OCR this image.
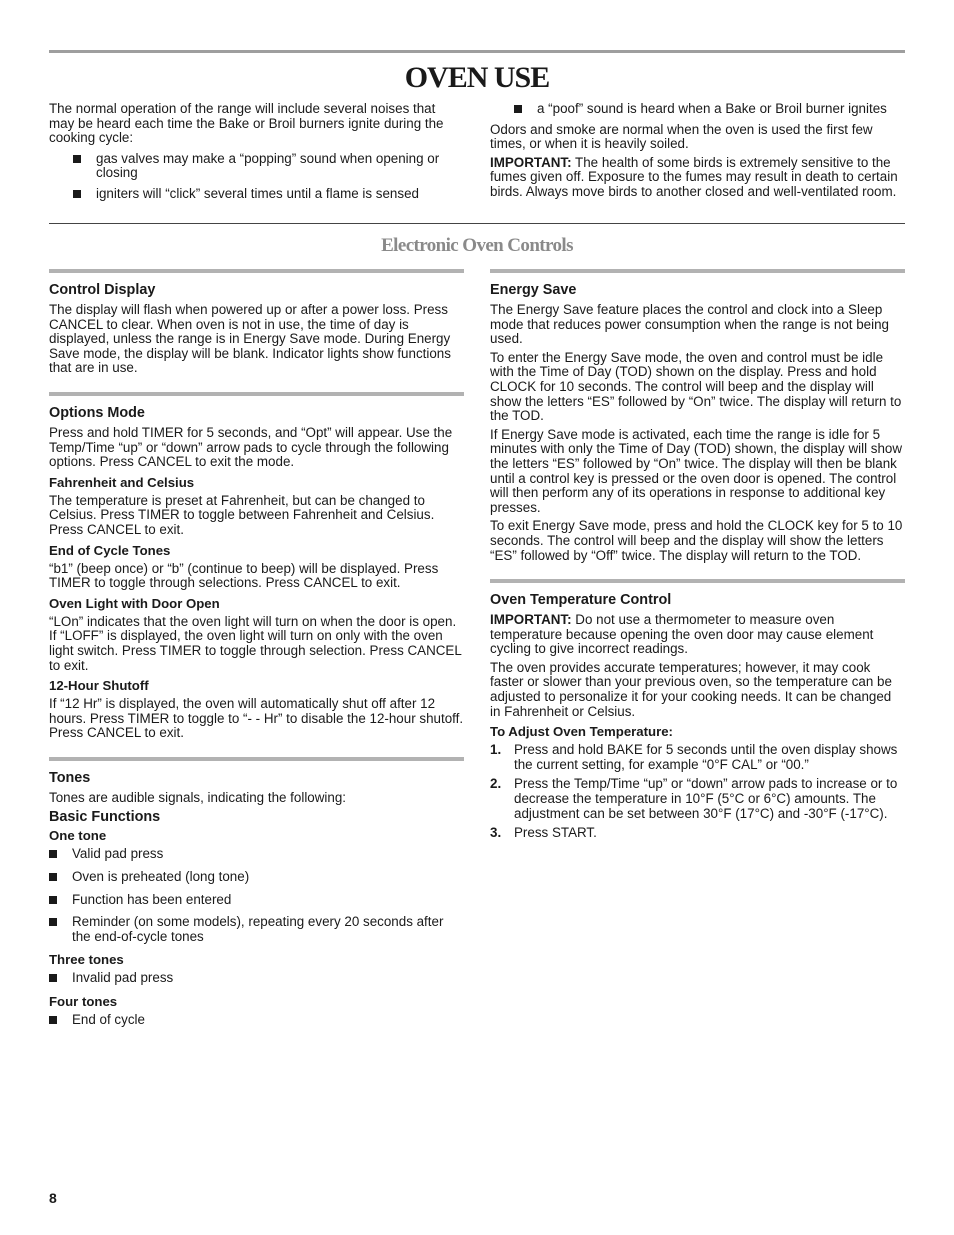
OVEN USE

The normal operation of the range will include several noises that may be heard each time the Bake or Broil burners ignite during the cooking cycle:

gas valves may make a “popping” sound when opening or closing
igniters will “click” several times until a flame is sensed
a “poof” sound is heard when a Bake or Broil burner ignites

Odors and smoke are normal when the oven is used the first few times, or when it is heavily soiled.

IMPORTANT: The health of some birds is extremely sensitive to the fumes given off. Exposure to the fumes may result in death to certain birds. Always move birds to another closed and well-ventilated room.

Electronic Oven Controls
Control Display

The display will flash when powered up or after a power loss. Press CANCEL to clear. When oven is not in use, the time of day is displayed, unless the range is in Energy Save mode. During Energy Save mode, the display will be blank. Indicator lights show functions that are in use.

Options Mode

Press and hold TIMER for 5 seconds, and “Opt” will appear. Use the Temp/Time “up” or “down” arrow pads to cycle through the following options. Press CANCEL to exit the mode.

Fahrenheit and Celsius

The temperature is preset at Fahrenheit, but can be changed to Celsius. Press TIMER to toggle between Fahrenheit and Celsius. Press CANCEL to exit.

End of Cycle Tones

“b1” (beep once) or “b” (continue to beep) will be displayed. Press TIMER to toggle through selections. Press CANCEL to exit.

Oven Light with Door Open

“LOn” indicates that the oven light will turn on when the door is open. If “LOFF” is displayed, the oven light will turn on only with the oven light switch. Press TIMER to toggle through selection. Press CANCEL to exit.

12-Hour Shutoff

If “12 Hr” is displayed, the oven will automatically shut off after 12 hours. Press TIMER to toggle to “- - Hr” to disable the 12-hour shutoff. Press CANCEL to exit.

Tones

Tones are audible signals, indicating the following:

Basic Functions
One tone
Valid pad press
Oven is preheated (long tone)
Function has been entered
Reminder (on some models), repeating every 20 seconds after the end-of-cycle tones
Three tones
Invalid pad press
Four tones
End of cycle
Energy Save

The Energy Save feature places the control and clock into a Sleep mode that reduces power consumption when the range is not being used.

To enter the Energy Save mode, the oven and control must be idle with the Time of Day (TOD) shown on the display. Press and hold CLOCK for 10 seconds. The control will beep and the display will show the letters “ES” followed by “On” twice. The display will return to the TOD.

If Energy Save mode is activated, each time the range is idle for 5 minutes with only the Time of Day (TOD) shown, the display will show the letters “ES” followed by “On” twice. The display will then be blank until a control key is pressed or the oven door is opened. The control will then perform any of its operations in response to additional key presses.

To exit Energy Save mode, press and hold the CLOCK key for 5 to 10 seconds. The control will beep and the display will show the letters “ES” followed by “Off” twice. The display will return to the TOD.

Oven Temperature Control

IMPORTANT: Do not use a thermometer to measure oven temperature because opening the oven door may cause element cycling to give incorrect readings.

The oven provides accurate temperatures; however, it may cook faster or slower than your previous oven, so the temperature can be adjusted to personalize it for your cooking needs. It can be changed in Fahrenheit or Celsius.

To Adjust Oven Temperature:
1. Press and hold BAKE for 5 seconds until the oven display shows the current setting, for example “0°F CAL” or “00.”
2. Press the Temp/Time “up” or “down” arrow pads to increase or to decrease the temperature in 10°F (5°C or 6°C) amounts. The adjustment can be set between 30°F (17°C) and -30°F (-17°C).
3. Press START.
8
